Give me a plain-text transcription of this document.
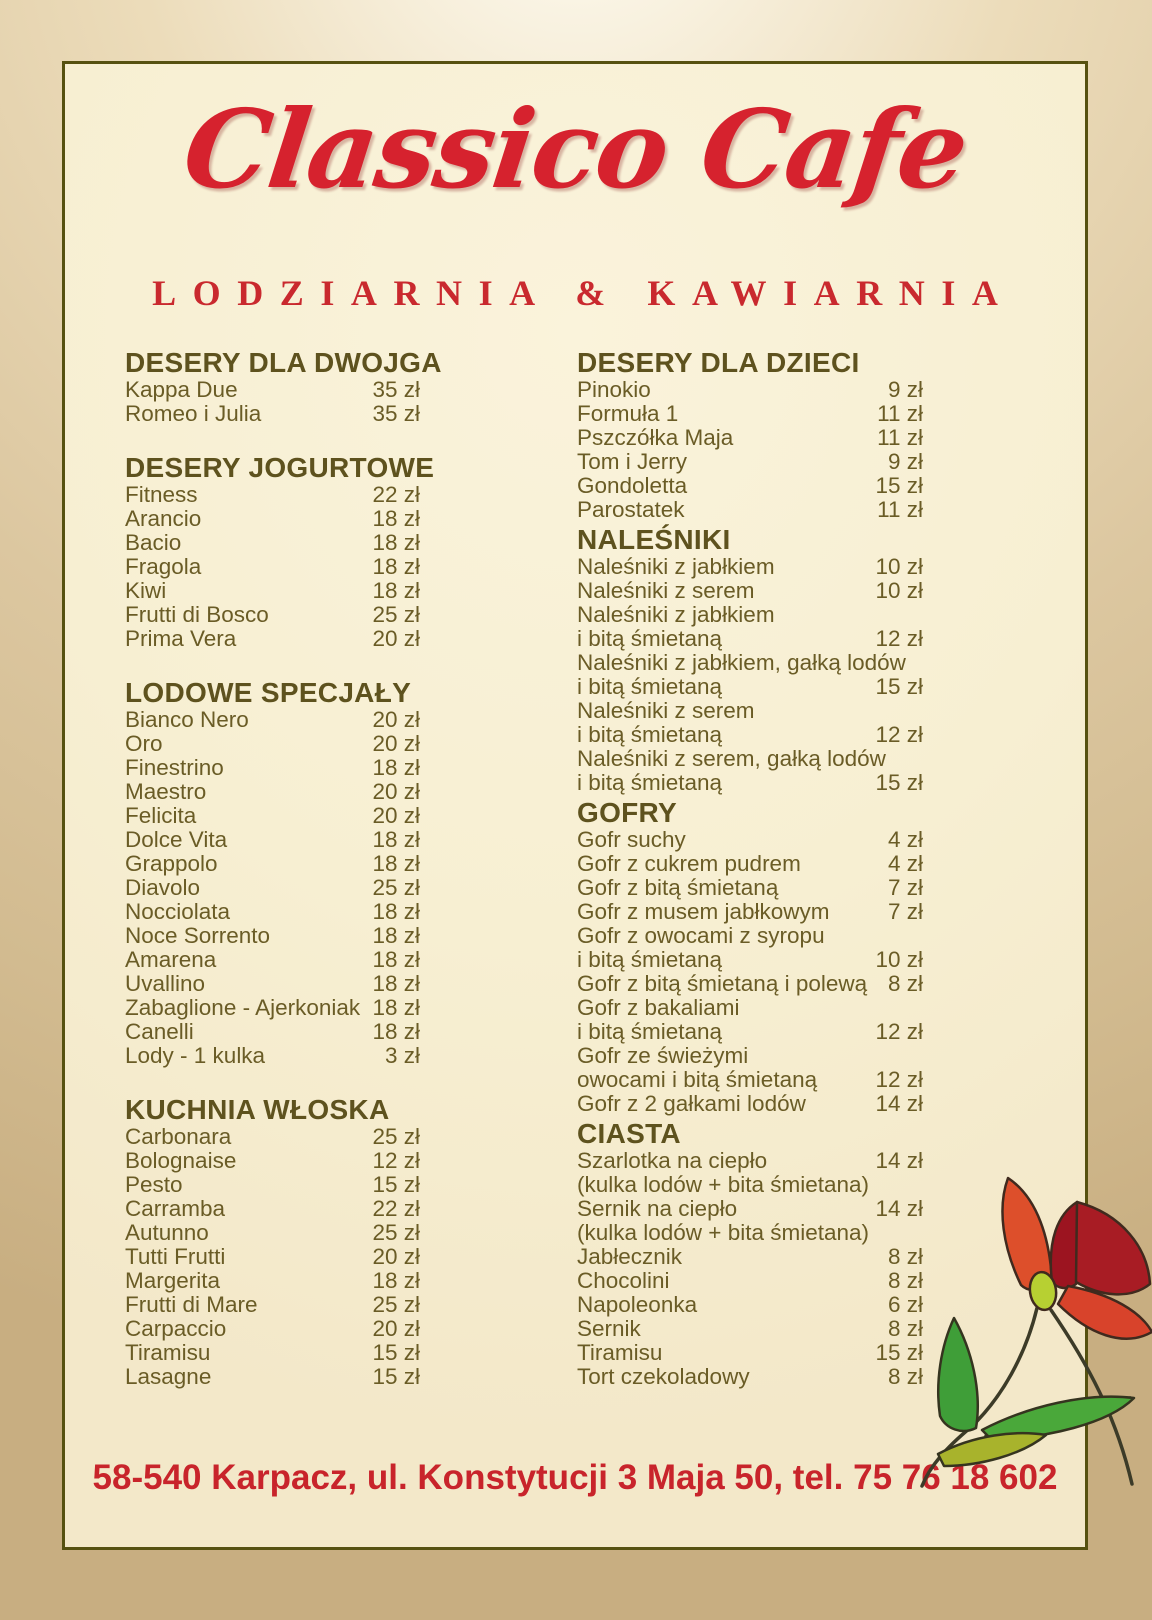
Classico Cafe
LODZIARNIA & KAWIARNIA
DESERY DLA DWOJGA
Kappa Due	35 zł
Romeo i Julia	35 zł
DESERY JOGURTOWE
Fitness	22 zł
Arancio	18 zł
Bacio	18 zł
Fragola	18 zł
Kiwi	18 zł
Frutti di Bosco	25 zł
Prima Vera	20 zł
LODOWE SPECJAŁY
Bianco Nero	20 zł
Oro	20 zł
Finestrino	18 zł
Maestro	20 zł
Felicita	20 zł
Dolce Vita	18 zł
Grappolo	18 zł
Diavolo	25 zł
Nocciolata	18 zł
Noce Sorrento	18 zł
Amarena	18 zł
Uvallino	18 zł
Zabaglione - Ajerkoniak 18 zł
Canelli	18 zł
Lody - 1 kulka	3 zł
KUCHNIA WŁOSKA
Carbonara	25 zł
Bolognaise	12 zł
Pesto	15 zł
Carramba	22 zł
Autunno	25 zł
Tutti Frutti	20 zł
Margerita	18 zł
Frutti di Mare	25 zł
Carpaccio	20 zł
Tiramisu	15 zł
Lasagne	15 zł
DESERY DLA DZIECI
Pinokio	9 zł
Formuła 1	11 zł
Pszczółka Maja	11 zł
Tom i Jerry	9 zł
Gondoletta	15 zł
Parostatek	11 zł
NALEŚNIKI
Naleśniki z jabłkiem	10 zł
Naleśniki z serem	10 zł
Naleśniki z jabłkiem
i bitą śmietaną	12 zł
Naleśniki z jabłkiem, gałką lodów
i bitą śmietaną	15 zł
Naleśniki z serem
i bitą śmietaną	12 zł
Naleśniki z serem, gałką lodów
i bitą śmietaną	15 zł
GOFRY
Gofr suchy	4 zł
Gofr z cukrem pudrem	4 zł
Gofr z bitą śmietaną	7 zł
Gofr z musem jabłkowym	7 zł
Gofr z owocami z syropu
i bitą śmietaną	10 zł
Gofr z bitą śmietaną i polewą 8 zł
Gofr z bakaliami
i bitą śmietaną	12 zł
Gofr ze świeżymi
owocami i bitą śmietaną	12 zł
Gofr z 2 gałkami lodów	14 zł
CIASTA
Szarlotka na ciepło	14 zł
(kulka lodów + bita śmietana)
Sernik na ciepło	14 zł
(kulka lodów + bita śmietana)
Jabłecznik	8 zł
Chocolini	8 zł
Napoleonka	6 zł
Sernik	8 zł
Tiramisu	15 zł
Tort czekoladowy	8 zł
58-540 Karpacz, ul. Konstytucji 3 Maja 50, tel. 75 76 18 602
